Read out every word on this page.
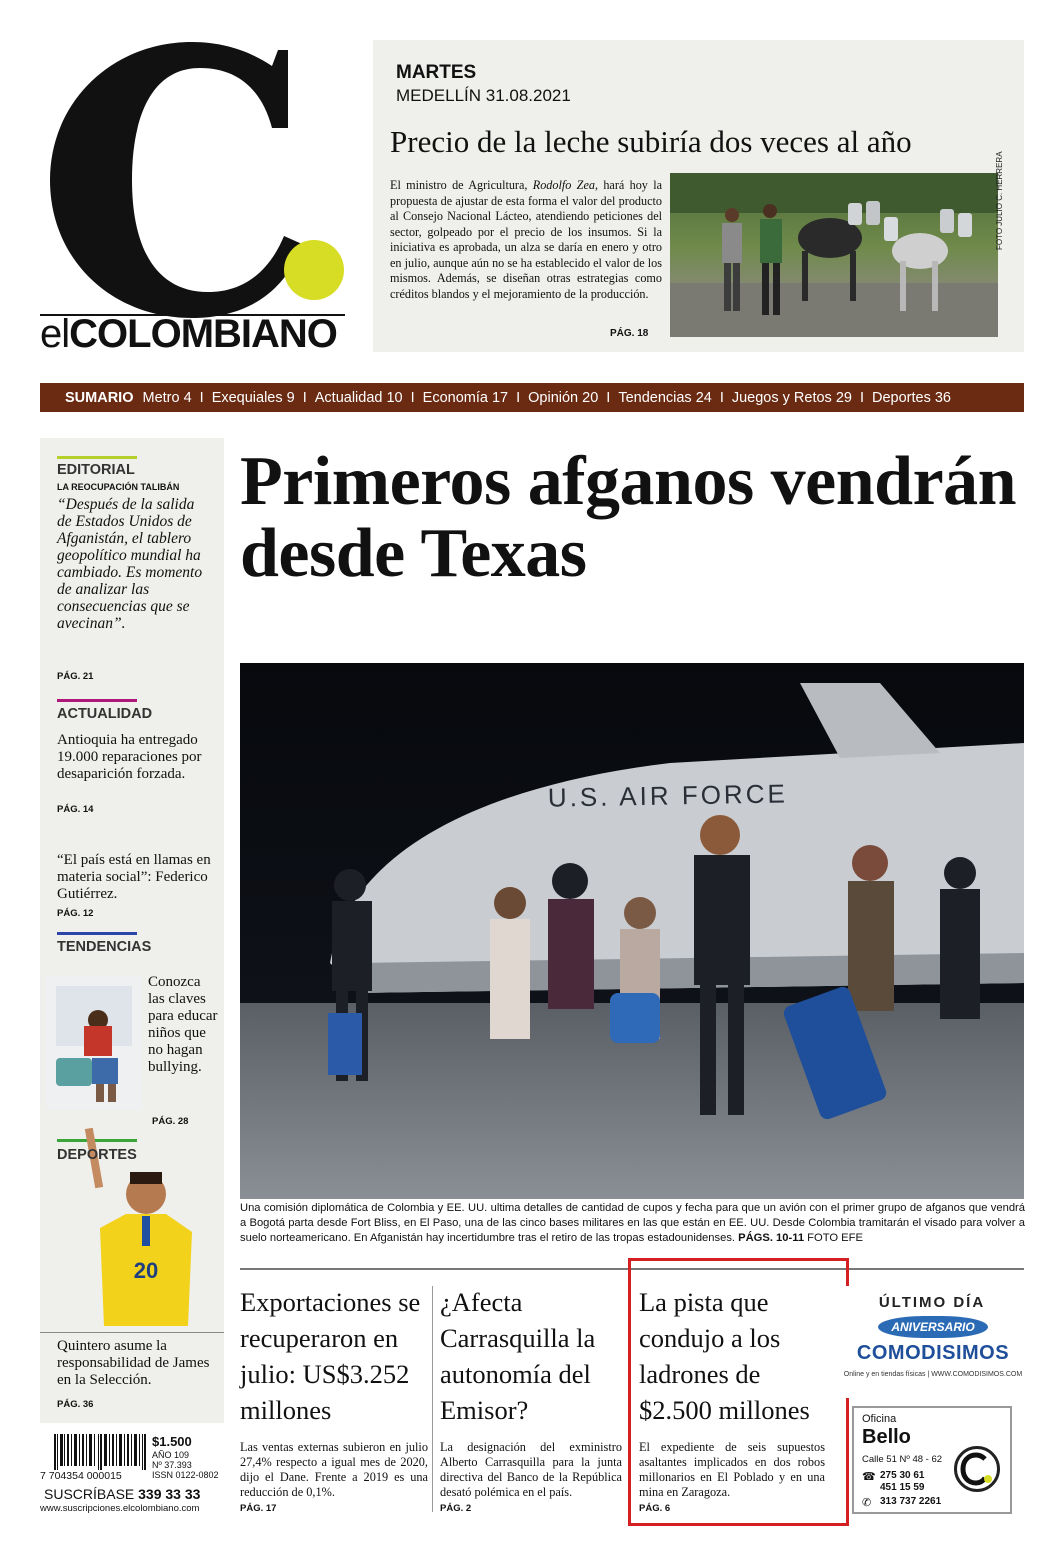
elCOLOMBIANO
MARTES
MEDELLÍN 31.08.2021
Precio de la leche subiría dos veces al año
El ministro de Agricultura, Rodolfo Zea, hará hoy la propuesta de ajustar de esta forma el valor del producto al Consejo Nacional Lácteo, atendiendo peticiones del sector, golpeado por el precio de los insumos. Si la iniciativa es aprobada, un alza se daría en enero y otro en julio, aunque aún no se ha establecido el valor de los mismos. Además, se diseñan otras estrategias como créditos blandos y el mejoramiento de la producción.
PÁG. 18
FOTO JULIO C. HERRERA
SUMARIO Metro 4 I Exequiales 9 I Actualidad 10 I Economía 17 I Opinión 20 I Tendencias 24 I Juegos y Retos 29 I Deportes 36
EDITORIAL
LA REOCUPACIÓN TALIBÁN
“Después de la salida de Estados Unidos de Afganistán, el tablero geopolítico mundial ha cambiado. Es momento de analizar las consecuencias que se avecinan”.
PÁG. 21
ACTUALIDAD
Antioquia ha entregado 19.000 reparaciones por desaparición forzada.
PÁG. 14
“El país está en llamas en materia social”: Federico Gutiérrez.
PÁG. 12
TENDENCIAS
Conozca las claves para educar niños que no hagan bullying.
PÁG. 28
20
DEPORTES
Quintero asume la responsabilidad de James en la Selección.
PÁG. 36
Primeros afganos vendrán desde Texas
U.S. AIR FORCE
Una comisión diplomática de Colombia y EE. UU. ultima detalles de cantidad de cupos y fecha para que un avión con el primer grupo de afganos que vendrá a Bogotá parta desde Fort Bliss, en El Paso, una de las cinco bases militares en las que están en EE. UU. Desde Colombia tramitarán el visado para volver a suelo norteamericano. En Afganistán hay incertidumbre tras el retiro de las tropas estadounidenses. PÁGS. 10-11 FOTO EFE
Exportaciones se recuperaron en julio: US$3.252 millones
Las ventas externas subieron en julio 27,4% respecto a igual mes de 2020, dijo el Dane. Frente a 2019 es una reducción de 0,1%.
PÁG. 17
¿Afecta Carrasquilla la autonomía del Emisor?
La designación del exministro Alberto Carrasquilla para la junta directiva del Banco de la República desató polémica en el país.
PÁG. 2
La pista que condujo a los ladrones de $2.500 millones
El expediente de seis supuestos asaltantes implicados en dos robos millonarios en El Poblado y en una mina en Zaragoza.
PÁG. 6
ÚLTIMO DÍA
ANIVERSARIO
COMODISIMOS
Online y en tiendas físicas | WWW.COMODISIMOS.COM
Oficina
Bello
Calle 51 Nº 48 - 62
☎ 275 30 61
451 15 59
✆ 313 737 2261
7 704354 000015
$1.500
AÑO 109
Nº 37.393
ISSN 0122-0802
SUSCRÍBASE 339 33 33
www.suscripciones.elcolombiano.com
